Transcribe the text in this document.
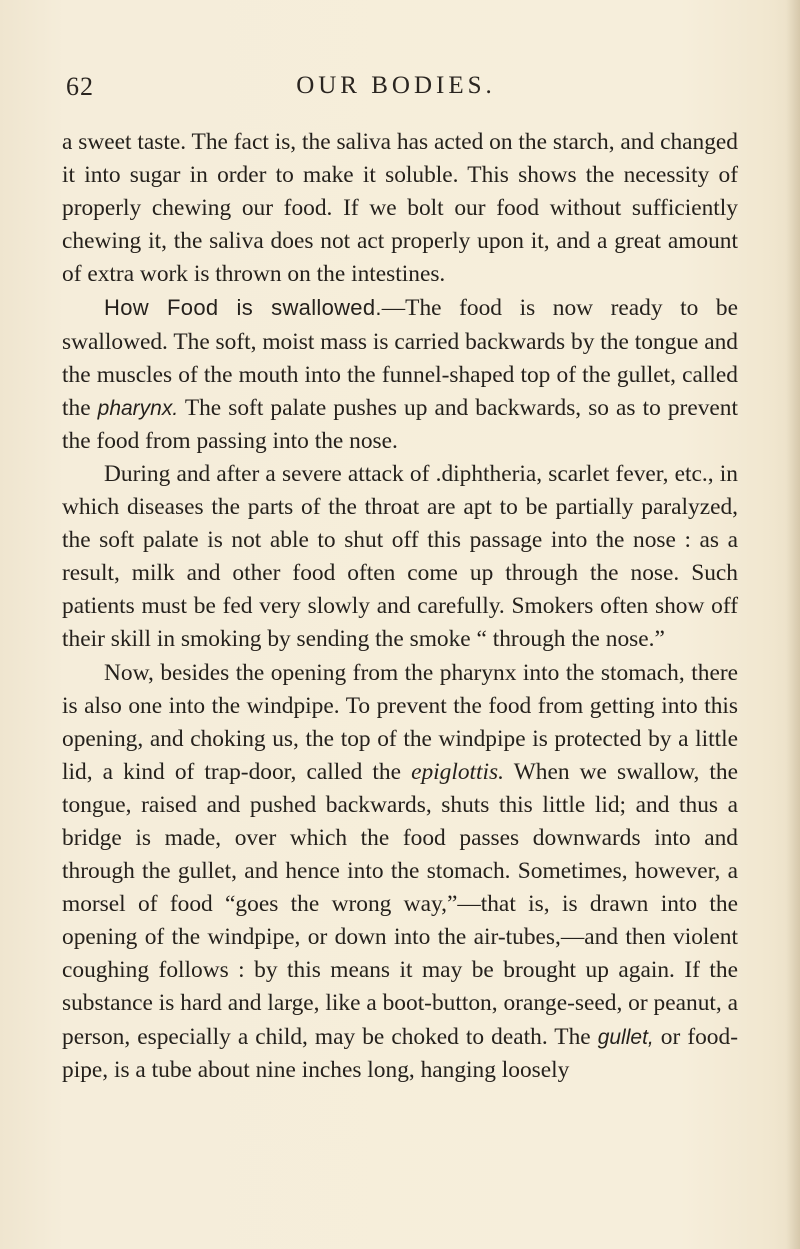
62	OUR BODIES.

a sweet taste. The fact is, the saliva has acted on the starch, and changed it into sugar in order to make it soluble. This shows the necessity of properly chewing our food. If we bolt our food without sufficiently chewing it, the saliva does not act properly upon it, and a great amount of extra work is thrown on the intestines.

How Food is swallowed.—The food is now ready to be swallowed. The soft, moist mass is carried backwards by the tongue and the muscles of the mouth into the funnel-shaped top of the gullet, called the pharynx. The soft palate pushes up and backwards, so as to prevent the food from passing into the nose.

During and after a severe attack of .diphtheria, scarlet fever, etc., in which diseases the parts of the throat are apt to be partially paralyzed, the soft palate is not able to shut off this passage into the nose : as a result, milk and other food often come up through the nose. Such patients must be fed very slowly and carefully. Smokers often show off their skill in smoking by sending the smoke “ through the nose.”

Now, besides the opening from the pharynx into the stomach, there is also one into the windpipe. To prevent the food from getting into this opening, and choking us, the top of the windpipe is protected by a little lid, a kind of trap-door, called the epiglottis. When we swallow, the tongue, raised and pushed backwards, shuts this little lid; and thus a bridge is made, over which the food passes downwards into and through the gullet, and hence into the stomach. Sometimes, however, a morsel of food “goes the wrong way,”—that is, is drawn into the opening of the windpipe, or down into the air-tubes,—and then violent coughing follows : by this means it may be brought up again. If the substance is hard and large, like a boot-button, orange-seed, or peanut, a person, especially a child, may be choked to death. The gullet, or food-pipe, is a tube about nine inches long, hanging loosely
